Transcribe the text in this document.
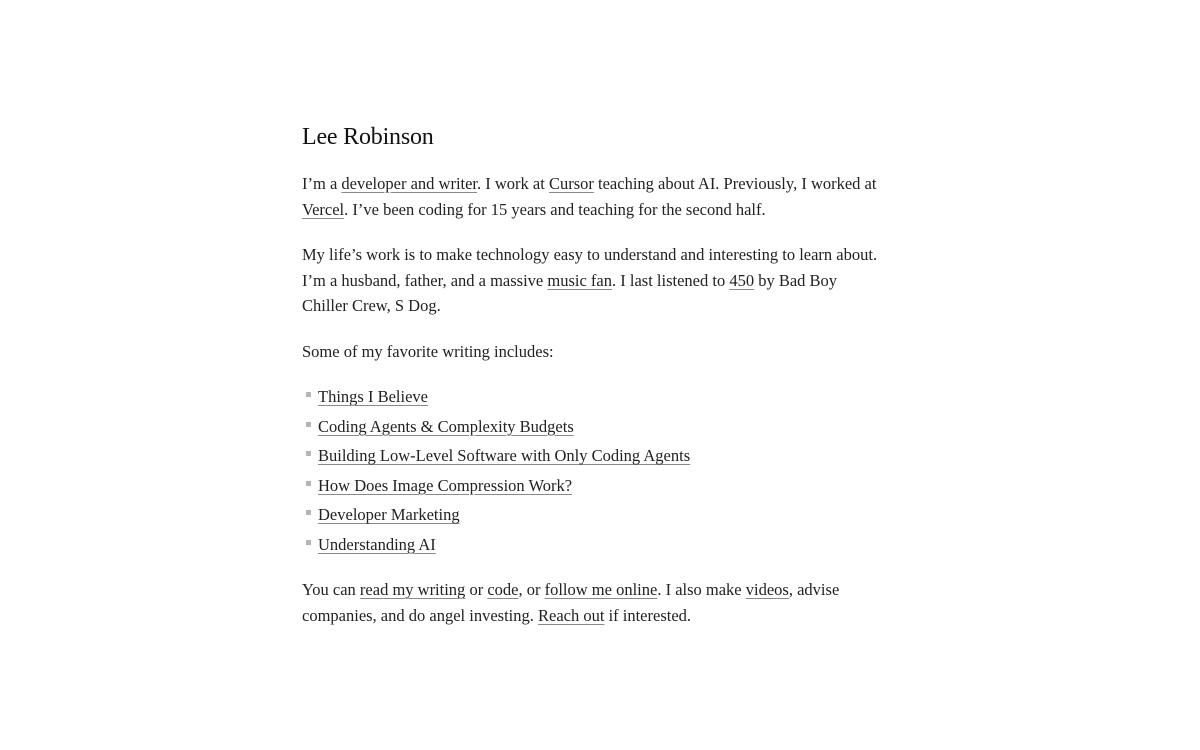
Lee Robinson

I’m a developer and writer. I work at Cursor teaching about AI. Previously, I worked at Vercel. I’ve been coding for 15 years and teaching for the second half.

My life’s work is to make technology easy to understand and interesting to learn about. I’m a husband, father, and a massive music fan. I last listened to 450 by Bad Boy Chiller Crew, S Dog.

Some of my favorite writing includes:

Things I Believe
Coding Agents & Complexity Budgets
Building Low-Level Software with Only Coding Agents
How Does Image Compression Work?
Developer Marketing
Understanding AI

You can read my writing or code, or follow me online. I also make videos, advise companies, and do angel investing. Reach out if interested.
